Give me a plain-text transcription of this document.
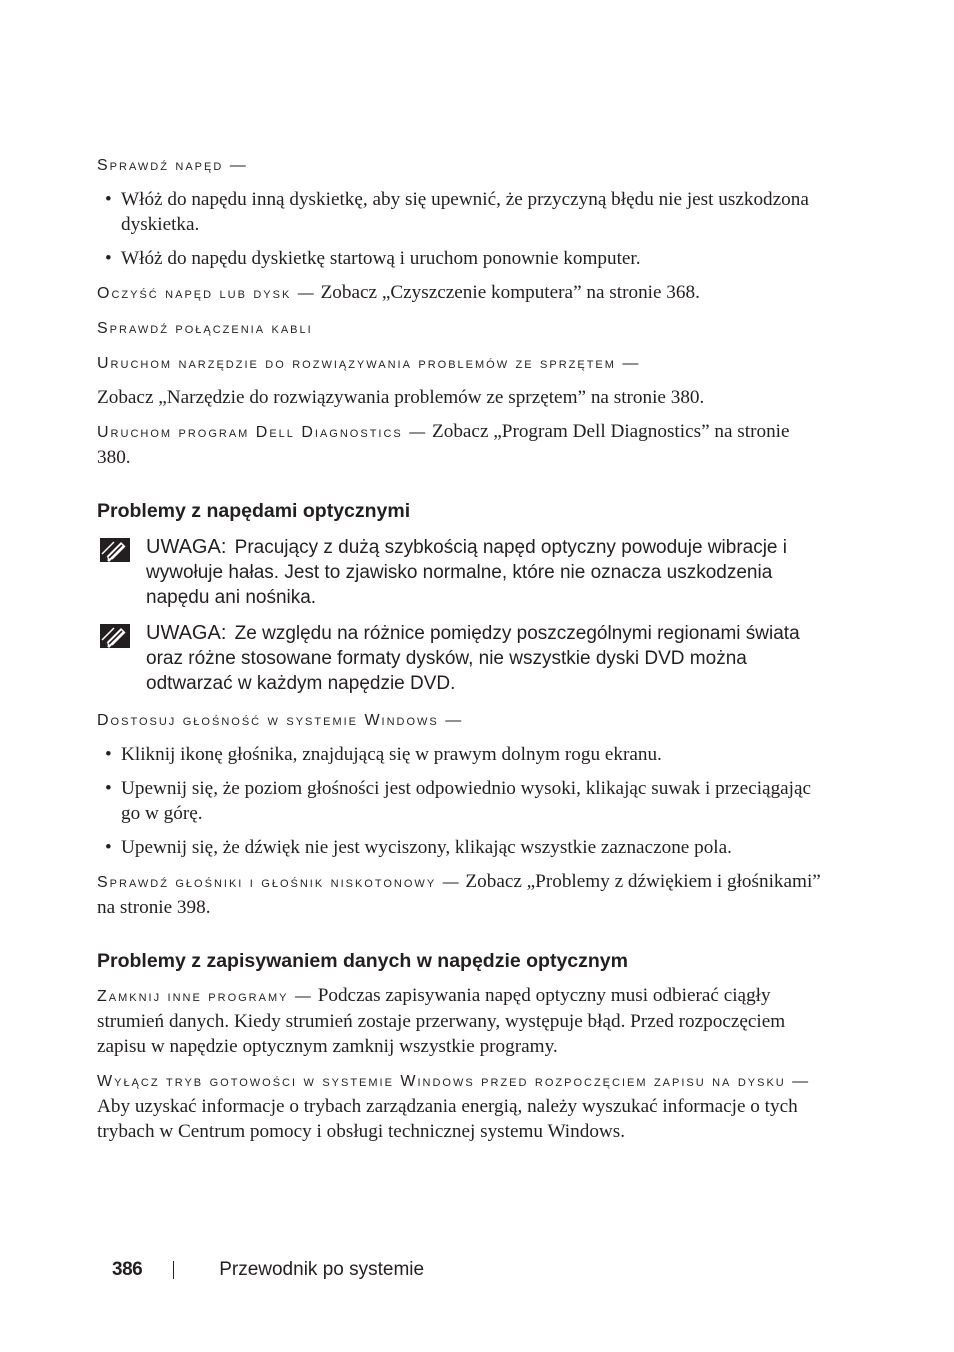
Sprawdź napęd —

• Włóż do napędu inną dyskietkę, aby się upewnić, że przyczyną błędu nie jest uszkodzona dyskietka.
• Włóż do napędu dyskietkę startową i uruchom ponownie komputer.

Oczyść napęd lub dysk — Zobacz „Czyszczenie komputera” na stronie 368.

Sprawdź połączenia kabli

Uruchom narzędzie do rozwiązywania problemów ze sprzętem —

Zobacz „Narzędzie do rozwiązywania problemów ze sprzętem” na stronie 380.

Uruchom program Dell Diagnostics — Zobacz „Program Dell Diagnostics” na stronie 380.

Problemy z napędami optycznymi
UWAGA: Pracujący z dużą szybkością napęd optyczny powoduje wibracje i wywołuje hałas. Jest to zjawisko normalne, które nie oznacza uszkodzenia napędu ani nośnika.
UWAGA: Ze względu na różnice pomiędzy poszczególnymi regionami świata oraz różne stosowane formaty dysków, nie wszystkie dyski DVD można odtwarzać w każdym napędzie DVD.

Dostosuj głośność w systemie Windows —

• Kliknij ikonę głośnika, znajdującą się w prawym dolnym rogu ekranu.
• Upewnij się, że poziom głośności jest odpowiednio wysoki, klikając suwak i przeciągając go w górę.
• Upewnij się, że dźwięk nie jest wyciszony, klikając wszystkie zaznaczone pola.

Sprawdź głośniki i głośnik niskotonowy — Zobacz „Problemy z dźwiękiem i głośnikami” na stronie 398.

Problemy z zapisywaniem danych w napędzie optycznym

Zamknij inne programy — Podczas zapisywania napęd optyczny musi odbierać ciągły strumień danych. Kiedy strumień zostaje przerwany, występuje błąd. Przed rozpoczęciem zapisu w napędzie optycznym zamknij wszystkie programy.

Wyłącz tryb gotowości w systemie Windows przed rozpoczęciem zapisu na dysku — Aby uzyskać informacje o trybach zarządzania energią, należy wyszukać informacje o tych trybach w Centrum pomocy i obsługi technicznej systemu Windows.

386	Przewodnik po systemie
